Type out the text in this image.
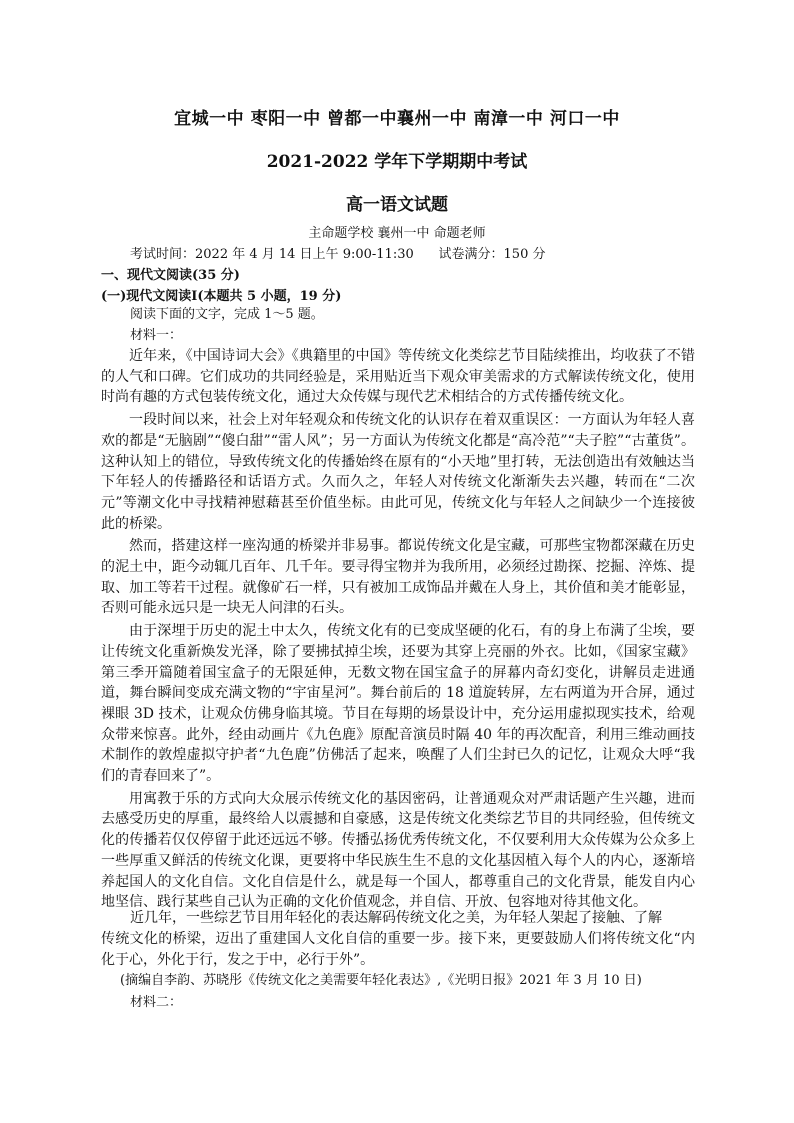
宜城一中 枣阳一中 曾都一中襄州一中 南漳一中 河口一中
2021-2022 学年下学期期中考试
高一语文试题
主命题学校 襄州一中 命题老师
考试时间：2022 年 4 月 14 日上午 9:00-11:30      试卷满分：150 分
一、现代文阅读(35 分)
(一)现代文阅读Ⅰ(本题共 5 小题，19 分)
阅读下面的文字，完成 1～5 题。
材料一：

近年来，《中国诗词大会》《典籍里的中国》等传统文化类综艺节目陆续推出，均收获了不错的人气和口碑。它们成功的共同经验是，采用贴近当下观众审美需求的方式解读传统文化，使用时尚有趣的方式包装传统文化，通过大众传媒与现代艺术相结合的方式传播传统文化。

一段时间以来，社会上对年轻观众和传统文化的认识存在着双重误区：一方面认为年轻人喜欢的都是“无脑剧”“傻白甜”“雷人风”；另一方面认为传统文化都是“高冷范”“夫子腔”“古董货”。这种认知上的错位，导致传统文化的传播始终在原有的“小天地”里打转，无法创造出有效触达当下年轻人的传播路径和话语方式。久而久之，年轻人对传统文化渐渐失去兴趣，转而在“二次元”等潮文化中寻找精神慰藉甚至价值坐标。由此可见，传统文化与年轻人之间缺少一个连接彼此的桥梁。

然而，搭建这样一座沟通的桥梁并非易事。都说传统文化是宝藏，可那些宝物都深藏在历史的泥土中，距今动辄几百年、几千年。要寻得宝物并为我所用，必须经过勘探、挖掘、淬炼、提取、加工等若干过程。就像矿石一样，只有被加工成饰品并戴在人身上，其价值和美才能彰显，否则可能永远只是一块无人问津的石头。

由于深埋于历史的泥土中太久，传统文化有的已变成坚硬的化石，有的身上布满了尘埃，要让传统文化重新焕发光泽，除了要拂拭掉尘埃，还要为其穿上亮丽的外衣。比如，《国家宝藏》第三季开篇随着国宝盒子的无限延伸，无数文物在国宝盒子的屏幕内奇幻变化，讲解员走进通道，舞台瞬间变成充满文物的“宇宙星河”。舞台前后的 18 道旋转屏，左右两道为开合屏，通过裸眼 3D 技术，让观众仿佛身临其境。节目在每期的场景设计中，充分运用虚拟现实技术，给观众带来惊喜。此外，经由动画片《九色鹿》原配音演员时隔 40 年的再次配音，利用三维动画技术制作的敦煌虚拟守护者“九色鹿”仿佛活了起来，唤醒了人们尘封已久的记忆，让观众大呼“我们的青春回来了”。

用寓教于乐的方式向大众展示传统文化的基因密码，让普通观众对严肃话题产生兴趣，进而去感受历史的厚重，最终给人以震撼和自豪感，这是传统文化类综艺节目的共同经验，但传统文化的传播若仅仅停留于此还远远不够。传播弘扬优秀传统文化，不仅要利用大众传媒为公众多上一些厚重又鲜活的传统文化课，更要将中华民族生生不息的文化基因植入每个人的内心，逐渐培养起国人的文化自信。文化自信是什么，就是每一个国人，都尊重自己的文化背景，能发自内心地坚信、践行某些自己认为正确的文化价值观念，并自信、开放、包容地对待其他文化。

近几年，一些综艺节目用年轻化的表达解码传统文化之美，为年轻人架起了接触、了解
传统文化的桥梁，迈出了重建国人文化自信的重要一步。接下来，更要鼓励人们将传统文化“内化于心，外化于行，发之于中，必行于外”。
(摘编自李韵、苏晓彤《传统文化之美需要年轻化表达》,《光明日报》2021 年 3 月 10 日)
材料二：
